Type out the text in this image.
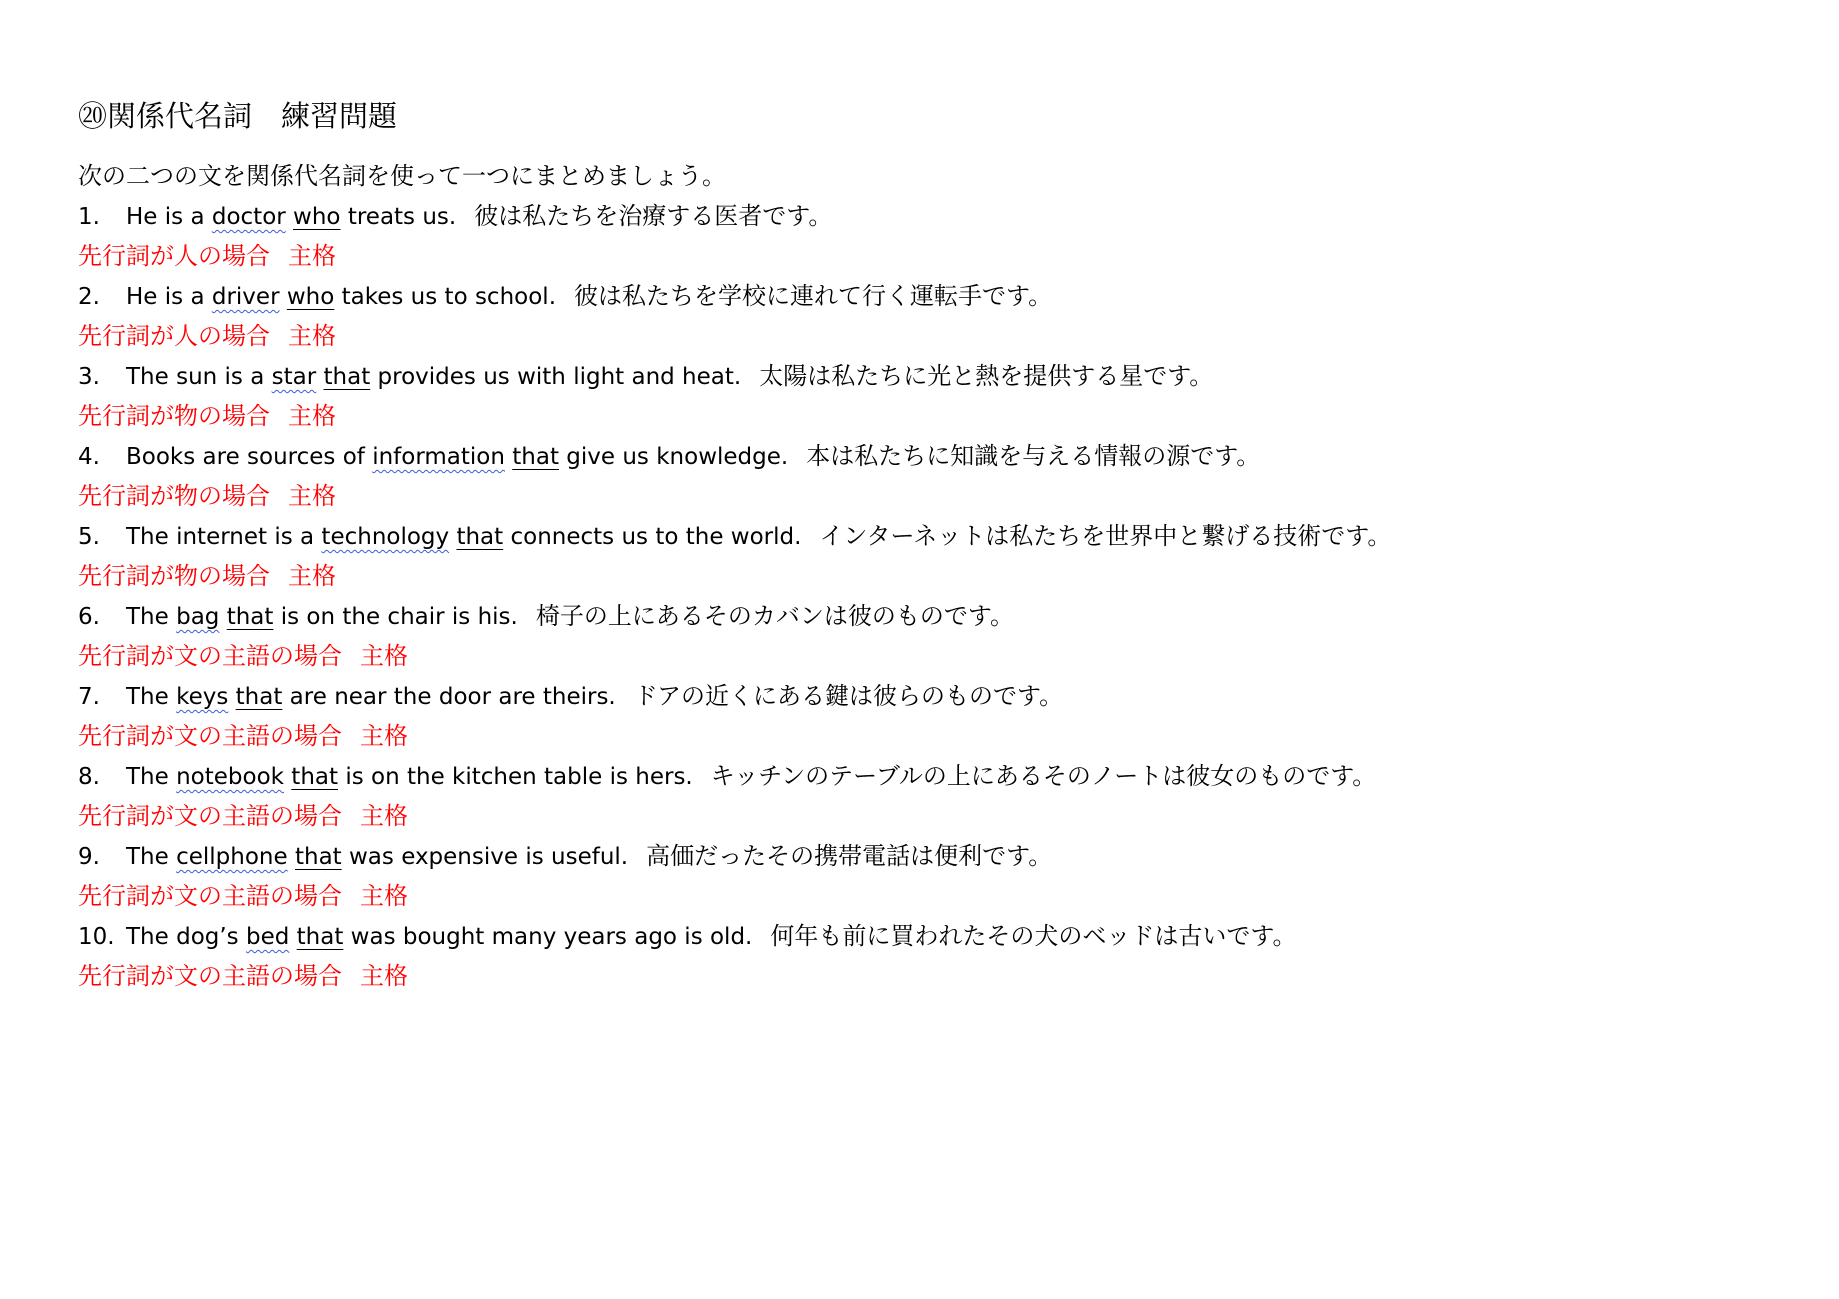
⑳関係代名詞　練習問題
次の二つの文を関係代名詞を使って一つにまとめましょう。
1. He is a doctor who treats us. 彼は私たちを治療する医者です。
先行詞が人の場合 主格
2. He is a driver who takes us to school. 彼は私たちを学校に連れて行く運転手です。
先行詞が人の場合 主格
3. The sun is a star that provides us with light and heat. 太陽は私たちに光と熱を提供する星です。
先行詞が物の場合 主格
4. Books are sources of information that give us knowledge. 本は私たちに知識を与える情報の源です。
先行詞が物の場合 主格
5. The internet is a technology that connects us to the world. インターネットは私たちを世界中と繋げる技術です。
先行詞が物の場合 主格
6. The bag that is on the chair is his. 椅子の上にあるそのカバンは彼のものです。
先行詞が文の主語の場合 主格
7. The keys that are near the door are theirs. ドアの近くにある鍵は彼らのものです。
先行詞が文の主語の場合 主格
8. The notebook that is on the kitchen table is hers. キッチンのテーブルの上にあるそのノートは彼女のものです。
先行詞が文の主語の場合 主格
9. The cellphone that was expensive is useful. 高価だったその携帯電話は便利です。
先行詞が文の主語の場合 主格
10. The dog’s bed that was bought many years ago is old. 何年も前に買われたその犬のベッドは古いです。
先行詞が文の主語の場合 主格
